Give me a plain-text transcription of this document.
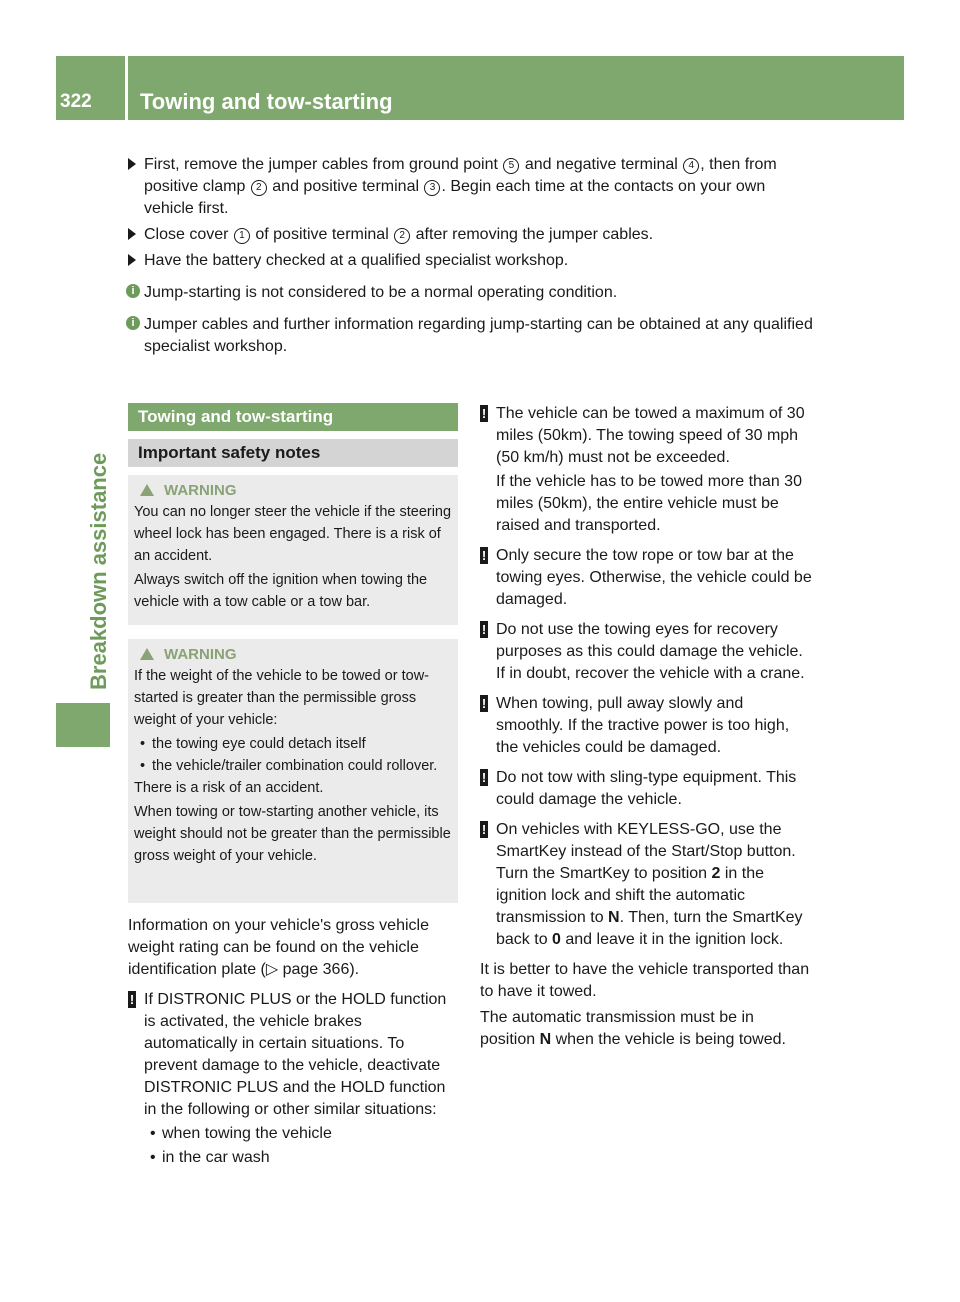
322 Towing and tow-starting
Breakdown assistance
First, remove the jumper cables from ground point 5 and negative terminal 4 , then from positive clamp 2 and positive terminal 3 . Begin each time at the contacts on your own vehicle first.
Close cover 1 of positive terminal 2 after removing the jumper cables.
Have the battery checked at a qualified specialist workshop.
i Jump-starting is not considered to be a normal operating condition.
i Jumper cables and further information regarding jump-starting can be obtained at any qualified specialist workshop.
Towing and tow-starting
Important safety notes
WARNING

You can no longer steer the vehicle if the steering wheel lock has been engaged. There is a risk of an accident.

Always switch off the ignition when towing the vehicle with a tow cable or a tow bar.

WARNING

If the weight of the vehicle to be towed or tow-started is greater than the permissible gross weight of your vehicle:

• the towing eye could detach itself
• the vehicle/trailer combination could rollover.

There is a risk of an accident.

When towing or tow-starting another vehicle, its weight should not be greater than the permissible gross weight of your vehicle.

Information on your vehicle's gross vehicle weight rating can be found on the vehicle identification plate (▷ page 366).

! If DISTRONIC PLUS or the HOLD function is activated, the vehicle brakes automatically in certain situations. To prevent damage to the vehicle, deactivate DISTRONIC PLUS and the HOLD function in the following or other similar situations:

• when towing the vehicle
• in the car wash
! The vehicle can be towed a maximum of 30 miles (50km). The towing speed of 30 mph (50 km/h) must not be exceeded.

If the vehicle has to be towed more than 30 miles (50km), the entire vehicle must be raised and transported.

! Only secure the tow rope or tow bar at the towing eyes. Otherwise, the vehicle could be damaged.

! Do not use the towing eyes for recovery purposes as this could damage the vehicle. If in doubt, recover the vehicle with a crane.

! When towing, pull away slowly and smoothly. If the tractive power is too high, the vehicles could be damaged.

! Do not tow with sling-type equipment. This could damage the vehicle.

! On vehicles with KEYLESS-GO, use the SmartKey instead of the Start/Stop button. Turn the SmartKey to position 2 in the ignition lock and shift the automatic transmission to N. Then, turn the SmartKey back to 0 and leave it in the ignition lock.

It is better to have the vehicle transported than to have it towed.

The automatic transmission must be in position N when the vehicle is being towed.
